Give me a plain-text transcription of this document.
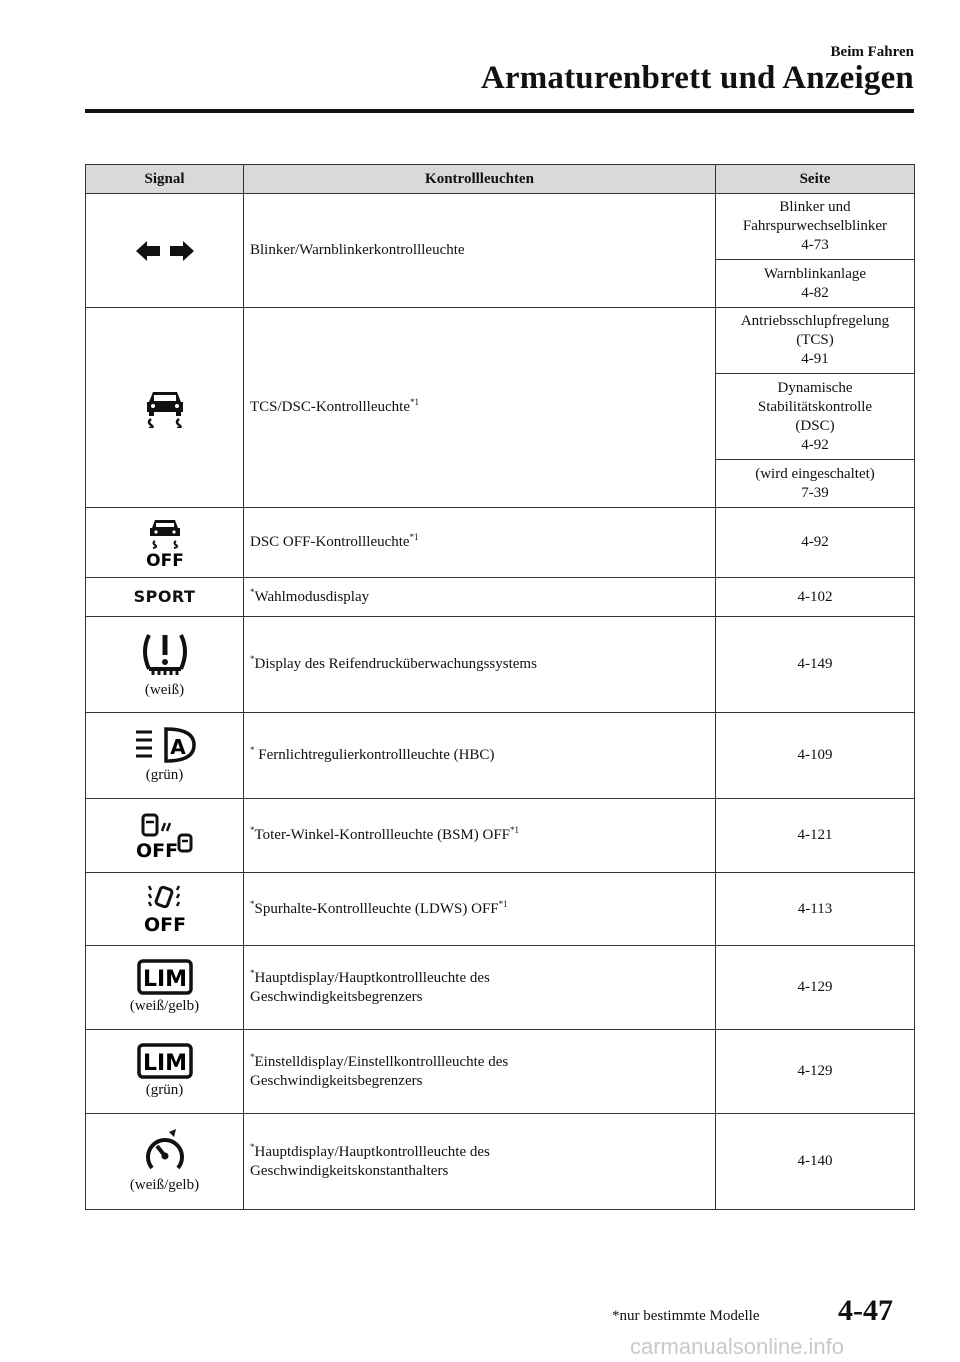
Beim Fahren
Armaturenbrett und Anzeigen
Signal	Kontrollleuchten	Seite

	Blinker/Warnblinkerkontrollleuchte	Blinker und
Fahrspurwechselblinker
4-73
		Warnblinkanlage
4-82

	TCS/DSC-Kontrollleuchte$^{*1}$	Antriebsschlupfregelung
(TCS)
4-91
		Dynamische
Stabilitätskontrolle
(DSC)
4-92
		(wird eingeschaltet)
7-39

OFF	DSC OFF-Kontrollleuchte$^{*1}$	4-92
SPORT	*Wahlmodusdisplay	4-102

(weiß)	*Display des Reifendrucküberwachungssystems	4-149

A
(grün)	* Fernlichtregulierkontrollleuchte (HBC)	4-109

OFF	*Toter-Winkel-Kontrollleuchte (BSM) OFF$^{*1}$	4-121

OFF	*Spurhalte-Kontrollleuchte (LDWS) OFF$^{*1}$	4-113

LIM
(weiß/gelb)	*Hauptdisplay/Hauptkontrollleuchte des
Geschwindigkeitsbegrenzers	4-129

LIM
(grün)	*Einstelldisplay/Einstellkontrollleuchte des
Geschwindigkeitsbegrenzers	4-129

(weiß/gelb)	*Hauptdisplay/Hauptkontrollleuchte des
Geschwindigkeitskonstanthalters	4-140
*nur bestimmte Modelle	4-47
carmanualsonline.info
